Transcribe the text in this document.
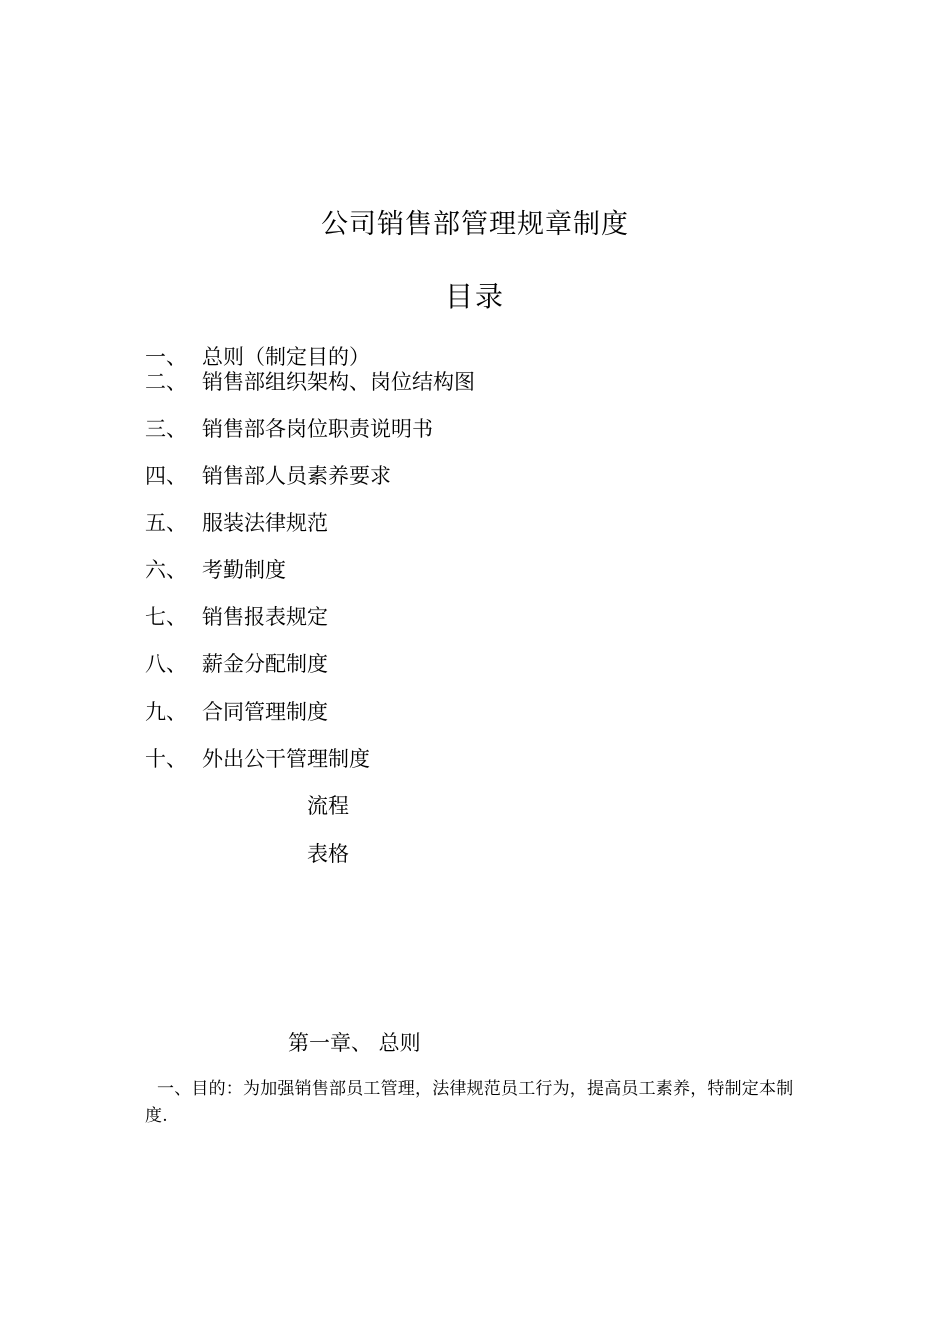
公司销售部管理规章制度
目录
一、 总则（制定目的）
二、 销售部组织架构、岗位结构图
三、 销售部各岗位职责说明书
四、 销售部人员素养要求
五、 服装法律规范
六、 考勤制度
七、 销售报表规定
八、 薪金分配制度
九、 合同管理制度
十、 外出公干管理制度
流程
表格
第一章、 总则
一、目的：为加强销售部员工管理，法律规范员工行为，提高员工素养，特制定本制度.
